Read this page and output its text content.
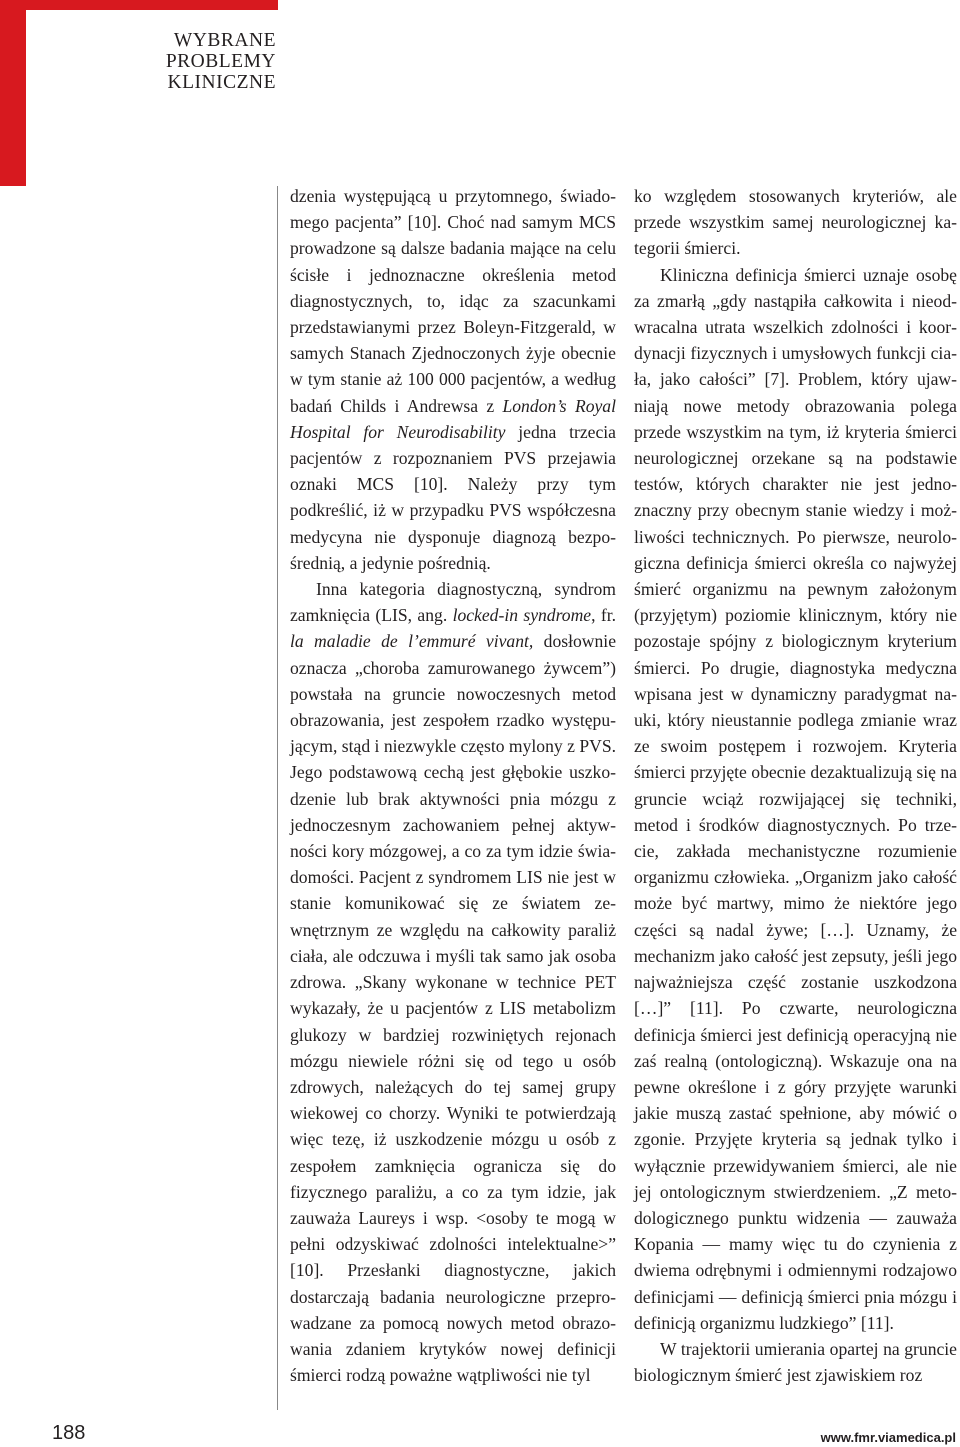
WYBRANE
PROBLEMY
KLINICZNE

dzenia występującą u przytomnego, świadomego pacjenta” [10]. Choć nad samym MCS prowadzone są dalsze badania mające na celu ścisłe i jednoznaczne określenia metod diagnostycznych, to, idąc za szacunkami przedstawianymi przez Boleyn-Fitzgerald, w samych Stanach Zjednoczonych żyje obecnie w tym stanie aż 100 000 pacjentów, a według badań Childs i Andrewsa z London’s Royal Hospital for Neurodisability jedna trzecia pacjentów z rozpoznaniem PVS przejawia oznaki MCS [10]. Należy przy tym podkreślić, iż w przypadku PVS współczesna medycyna nie dysponuje diagnozą bezpośrednią, a jedynie pośrednią.

Inna kategoria diagnostyczną, syndrom zamknięcia (LIS, ang. locked-in syndrome, fr. la maladie de l’emmuré vivant, dosłownie oznacza „choroba zamurowanego żywcem”) powstała na gruncie nowoczesnych metod obrazowania, jest zespołem rzadko występującym, stąd i niezwykle często mylony z PVS. Jego podstawową cechą jest głębokie uszkodzenie lub brak aktywności pnia mózgu z jednoczesnym zachowaniem pełnej aktywności kory mózgowej, a co za tym idzie świadomości. Pacjent z syndromem LIS nie jest w stanie komunikować się ze światem zewnętrznym ze względu na całkowity paraliż ciała, ale odczuwa i myśli tak samo jak osoba zdrowa. „Skany wykonane w technice PET wykazały, że u pacjentów z LIS metabolizm glukozy w bardziej rozwiniętych rejonach mózgu niewiele różni się od tego u osób zdrowych, należących do tej samej grupy wiekowej co chorzy. Wyniki te potwierdzają więc tezę, iż uszkodzenie mózgu u osób z zespołem zamknięcia ogranicza się do fizycznego paraliżu, a co za tym idzie, jak zauważa Laureys i wsp. <osoby te mogą w pełni odzyskiwać zdolności intelektualne>” [10]. Przesłanki diagnostyczne, jakich dostarczają badania neurologiczne przeprowadzane za pomocą nowych metod obrazowania zdaniem krytyków nowej definicji śmierci rodzą poważne wątpliwości nie tyl

ko względem stosowanych kryteriów, ale przede wszystkim samej neurologicznej kategorii śmierci.

Kliniczna definicja śmierci uznaje osobę za zmarłą „gdy nastąpiła całkowita i nieodwracalna utrata wszelkich zdolności i koordynacji fizycznych i umysłowych funkcji ciała, jako całości” [7]. Problem, który ujawniają nowe metody obrazowania polega przede wszystkim na tym, iż kryteria śmierci neurologicznej orzekane są na podstawie testów, których charakter nie jest jednoznaczny przy obecnym stanie wiedzy i możliwości technicznych. Po pierwsze, neurologiczna definicja śmierci określa co najwyżej śmierć organizmu na pewnym założonym (przyjętym) poziomie klinicznym, który nie pozostaje spójny z biologicznym kryterium śmierci. Po drugie, diagnostyka medyczna wpisana jest w dynamiczny paradygmat nauki, który nieustannie podlega zmianie wraz ze swoim postępem i rozwojem. Kryteria śmierci przyjęte obecnie dezaktualizują się na gruncie wciąż rozwijającej się techniki, metod i środków diagnostycznych. Po trzecie, zakłada mechanistyczne rozumienie organizmu człowieka. „Organizm jako całość może być martwy, mimo że niektóre jego części są nadal żywe; […]. Uznamy, że mechanizm jako całość jest zepsuty, jeśli jego najważniejsza część zostanie uszkodzona […]” [11]. Po czwarte, neurologiczna definicja śmierci jest definicją operacyjną nie zaś realną (ontologiczną). Wskazuje ona na pewne określone i z góry przyjęte warunki jakie muszą zastać spełnione, aby mówić o zgonie. Przyjęte kryteria są jednak tylko i wyłącznie przewidywaniem śmierci, ale nie jej ontologicznym stwierdzeniem. „Z metodologicznego punktu widzenia — zauważa Kopania — mamy więc tu do czynienia z dwiema odrębnymi i odmiennymi rodzajowo definicjami — definicją śmierci pnia mózgu i definicją organizmu ludzkiego” [11].

W trajektorii umierania opartej na gruncie biologicznym śmierć jest zjawiskiem roz

188	www.fmr.viamedica.pl
